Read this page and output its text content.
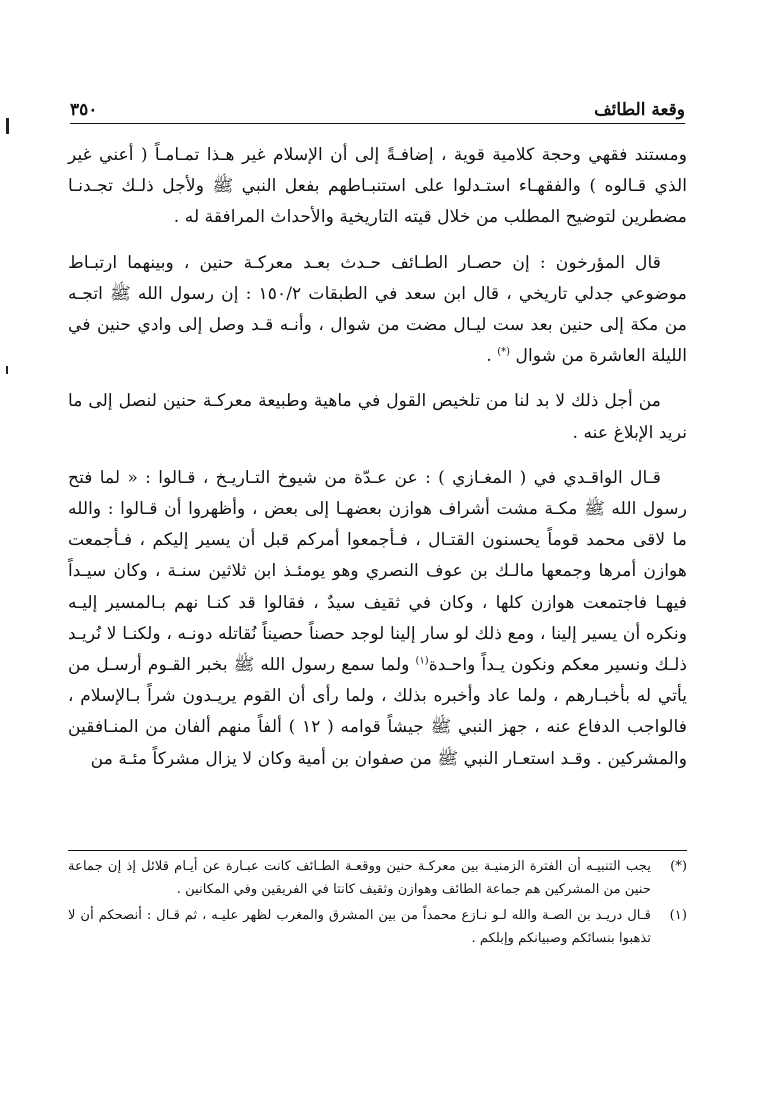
وقعة الطائف
٣٥٠

ومستند فقهي وحجة كلامية قوية ، إضافـةً إلى أن الإسلام غير هـذا تمـامـاً ( أعني غير الذي قـالوه ) والفقهـاء استـدلوا على استنبـاطهم بفعل النبي ﷺ ولأجل ذلـك تجـدنـا مضطرين لتوضيح المطلب من خلال قيته التاريخية والأحداث المرافقة له .

قال المؤرخون : إن حصـار الطـائف حـدث بعـد معركـة حنين ، وبينهما ارتبـاط موضوعي جدلي تاريخي ، قال ابن سعد في الطبقات ١٥٠/٢ : إن رسول الله ﷺ اتجـه من مكة إلى حنين بعد ست ليـال مضت من شوال ، وأنـه قـد وصل إلى وادي حنين في الليلة العاشرة من شوال (*) .

من أجل ذلك لا بد لنا من تلخيص القول في ماهية وطبيعة معركـة حنين لنصل إلى ما نريد الإبلاغ عنه .

قـال الواقـدي في ( المغـازي ) : عن عـدّة من شيوخ التـاريـخ ، قـالوا : « لما فتح رسول الله ﷺ مكـة مشت أشراف هوازن بعضهـا إلى بعض ، وأظهروا أن قـالوا : والله ما لاقى محمد قوماً يحسنون القتـال ، فـأجمعوا أمركم قبل أن يسير إليكم ، فـأجمعت هوازن أمرها وجمعها مالـك بن عوف النصري وهو يومئـذ ابن ثلاثين سنـة ، وكان سيـداً فيهـا فاجتمعت هوازن كلها ، وكان في ثقيف سيدٌ ، فقالوا قد كنـا نهم بـالمسير إليـه ونكره أن يسير إلينا ، ومع ذلك لو سار إلينا لوجد حصناً حصيناً نُقاتله دونـه ، ولكنـا لا نُريـد ذلـك ونسير معكم ونكون يـداً واحـدة$^{(١)}$ ولما سمع رسول الله ﷺ بخبر القـوم أرسـل من يأتي له بأخبـارهم ، ولما عاد وأخبره بذلك ، ولما رأى أن القوم يريـدون شراً بـالإسلام ، فالواجب الدفاع عنه ، جهز النبي ﷺ جيشاً قوامه ( ١٢ ) ألفاً منهم ألفان من المنـافقين والمشركين . وقـد استعـار النبي ﷺ من صفوان بن أمية وكان لا يزال مشركاً مئـة من

(*)
يجب التنبيـه أن الفترة الزمنيـة بين معركـة حنين ووقعـة الطـائف كانت عبـارة عن أيـام قلائل إذ إن جماعة حنين من المشركين هم جماعة الطائف وهوازن وثقيف كانتا في الفريقين وفي المكانين .
(١)
قـال دريـد بن الصـة والله لـو نـازع محمداً من بين المشرق والمغرب لظهر عليـه ، ثم قـال : أنصحكم أن لا تذهبوا بنسائكم وصبيانكم وإبلكم .
